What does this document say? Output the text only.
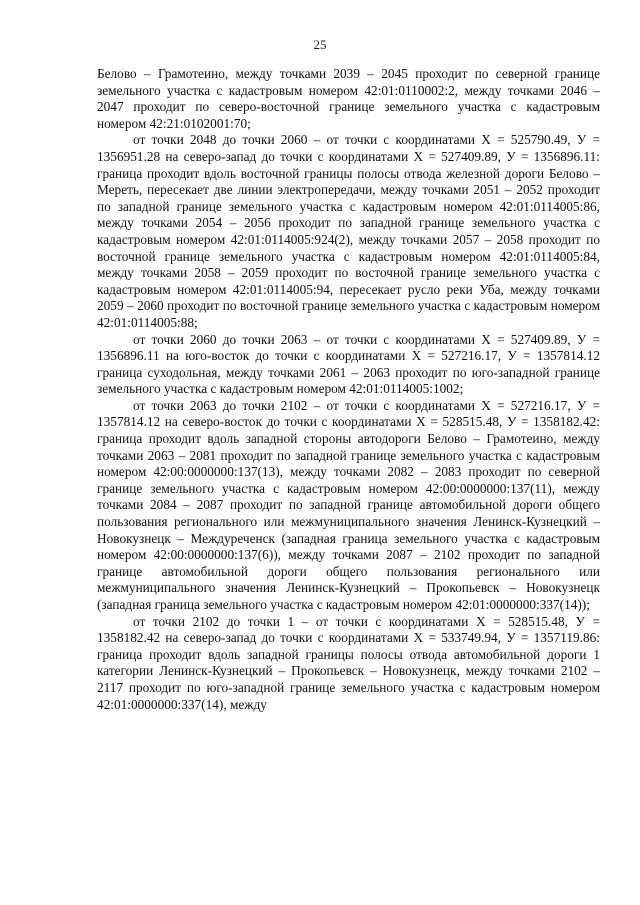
25

Белово – Грамотеино, между точками 2039 – 2045 проходит по северной границе земельного участка с кадастровым номером 42:01:0110002:2, между точками 2046 – 2047 проходит по северо-восточной границе земельного участка с кадастровым номером 42:21:0102001:70;

от точки 2048 до точки 2060 – от точки с координатами X = 525790.49, У = 1356951.28 на северо-запад до точки с координатами X = 527409.89, У = 1356896.11: граница проходит вдоль восточной границы полосы отвода железной дороги Белово – Мереть, пересекает две линии электропередачи, между точками 2051 – 2052 проходит по западной границе земельного участка с кадастровым номером 42:01:0114005:86, между точками 2054 – 2056 проходит по западной границе земельного участка с кадастровым номером 42:01:0114005:924(2), между точками 2057 – 2058 проходит по восточной границе земельного участка с кадастровым номером 42:01:0114005:84, между точками 2058 – 2059 проходит по восточной границе земельного участка с кадастровым номером 42:01:0114005:94, пересекает русло реки Уба, между точками 2059 – 2060 проходит по восточной границе земельного участка с кадастровым номером 42:01:0114005:88;

от точки 2060 до точки 2063 – от точки с координатами X = 527409.89, У = 1356896.11 на юго-восток до точки с координатами X = 527216.17, У = 1357814.12 граница суходольная, между точками 2061 – 2063 проходит по юго-западной границе земельного участка с кадастровым номером 42:01:0114005:1002;

от точки 2063 до точки 2102 – от точки с координатами X = 527216.17, У = 1357814.12 на северо-восток до точки с координатами X = 528515.48, У = 1358182.42: граница проходит вдоль западной стороны автодороги Белово – Грамотеино, между точками 2063 – 2081 проходит по западной границе земельного участка с кадастровым номером 42:00:0000000:137(13), между точками 2082 – 2083 проходит по северной границе земельного участка с кадастровым номером 42:00:0000000:137(11), между точками 2084 – 2087 проходит по западной границе автомобильной дороги общего пользования регионального или межмуниципального значения Ленинск-Кузнецкий – Новокузнецк – Междуреченск (западная граница земельного участка с кадастровым номером 42:00:0000000:137(6)), между точками 2087 – 2102 проходит по западной границе автомобильной дороги общего пользования регионального или межмуниципального значения Ленинск-Кузнецкий – Прокопьевск – Новокузнецк (западная граница земельного участка с кадастровым номером 42:01:0000000:337(14));

от точки 2102 до точки 1 – от точки с координатами X = 528515.48, У = 1358182.42 на северо-запад до точки с координатами X = 533749.94, У = 1357119.86: граница проходит вдоль западной границы полосы отвода автомобильной дороги 1 категории Ленинск-Кузнецкий – Прокопьевск – Новокузнецк, между точками 2102 – 2117 проходит по юго-западной границе земельного участка с кадастровым номером 42:01:0000000:337(14), между
